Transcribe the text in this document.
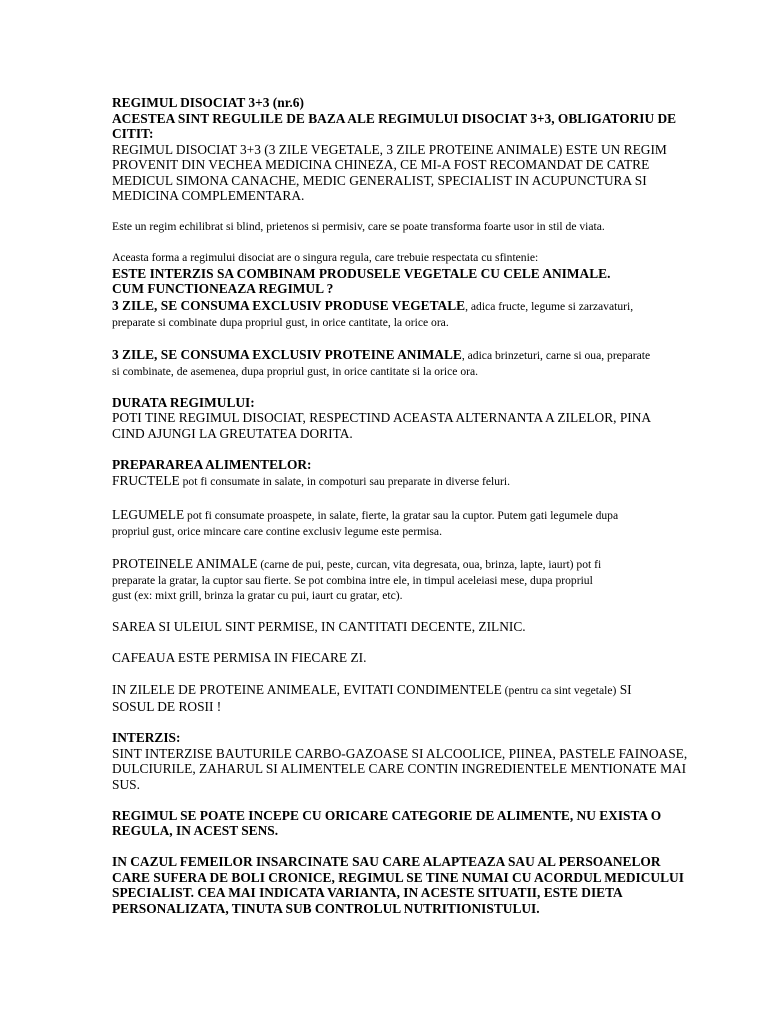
REGIMUL DISOCIAT 3+3 (nr.6)
ACESTEA SINT REGULILE DE BAZA ALE REGIMULUI DISOCIAT 3+3, OBLIGATORIU DE
CITIT:
REGIMUL DISOCIAT 3+3 (3 ZILE VEGETALE, 3 ZILE PROTEINE ANIMALE) ESTE UN REGIM
PROVENIT DIN VECHEA MEDICINA CHINEZA, CE MI-A FOST RECOMANDAT DE CATRE
MEDICUL SIMONA CANACHE, MEDIC GENERALIST, SPECIALIST IN ACUPUNCTURA SI
MEDICINA COMPLEMENTARA.
Este un regim echilibrat si blind, prietenos si permisiv, care se poate transforma foarte usor in stil de viata.
Aceasta forma a regimului disociat are o singura regula, care trebuie respectata cu sfintenie:
ESTE INTERZIS SA COMBINAM PRODUSELE VEGETALE CU CELE ANIMALE.
CUM FUNCTIONEAZA REGIMUL ?
3 ZILE, SE CONSUMA EXCLUSIV PRODUSE VEGETALE, adica fructe, legume si zarzavaturi,
preparate si combinate dupa propriul gust, in orice cantitate, la orice ora.
3 ZILE, SE CONSUMA EXCLUSIV PROTEINE ANIMALE, adica brinzeturi, carne si oua, preparate
si combinate, de asemenea, dupa propriul gust, in orice cantitate si la orice ora.
DURATA REGIMULUI:
POTI TINE REGIMUL DISOCIAT, RESPECTIND ACEASTA ALTERNANTA A ZILELOR, PINA
CIND AJUNGI LA GREUTATEA DORITA.
PREPARAREA ALIMENTELOR:
FRUCTELE pot fi consumate in salate, in compoturi sau preparate in diverse feluri.
LEGUMELE pot fi consumate proaspete, in salate, fierte, la gratar sau la cuptor. Putem gati legumele dupa
propriul gust, orice mincare care contine exclusiv legume este permisa.
PROTEINELE ANIMALE (carne de pui, peste, curcan, vita degresata, oua, brinza, lapte, iaurt) pot fi
preparate la gratar, la cuptor sau fierte. Se pot combina intre ele, in timpul aceleiasi mese, dupa propriul
gust (ex: mixt grill, brinza la gratar cu pui, iaurt cu gratar, etc).
SAREA SI ULEIUL SINT PERMISE, IN CANTITATI DECENTE, ZILNIC.
CAFEAUA ESTE PERMISA IN FIECARE ZI.
IN ZILELE DE PROTEINE ANIMEALE, EVITATI CONDIMENTELE (pentru ca sint vegetale) SI
SOSUL DE ROSII !
INTERZIS:
SINT INTERZISE BAUTURILE CARBO-GAZOASE SI ALCOOLICE, PIINEA, PASTELE FAINOASE,
DULCIURILE, ZAHARUL SI ALIMENTELE CARE CONTIN INGREDIENTELE MENTIONATE MAI
SUS.
REGIMUL SE POATE INCEPE CU ORICARE CATEGORIE DE ALIMENTE, NU EXISTA O
REGULA, IN ACEST SENS.
IN CAZUL FEMEILOR INSARCINATE SAU CARE ALAPTEAZA SAU AL PERSOANELOR
CARE SUFERA DE BOLI CRONICE, REGIMUL SE TINE NUMAI CU ACORDUL MEDICULUI
SPECIALIST. CEA MAI INDICATA VARIANTA, IN ACESTE SITUATII, ESTE DIETA
PERSONALIZATA, TINUTA SUB CONTROLUL NUTRITIONISTULUI.
